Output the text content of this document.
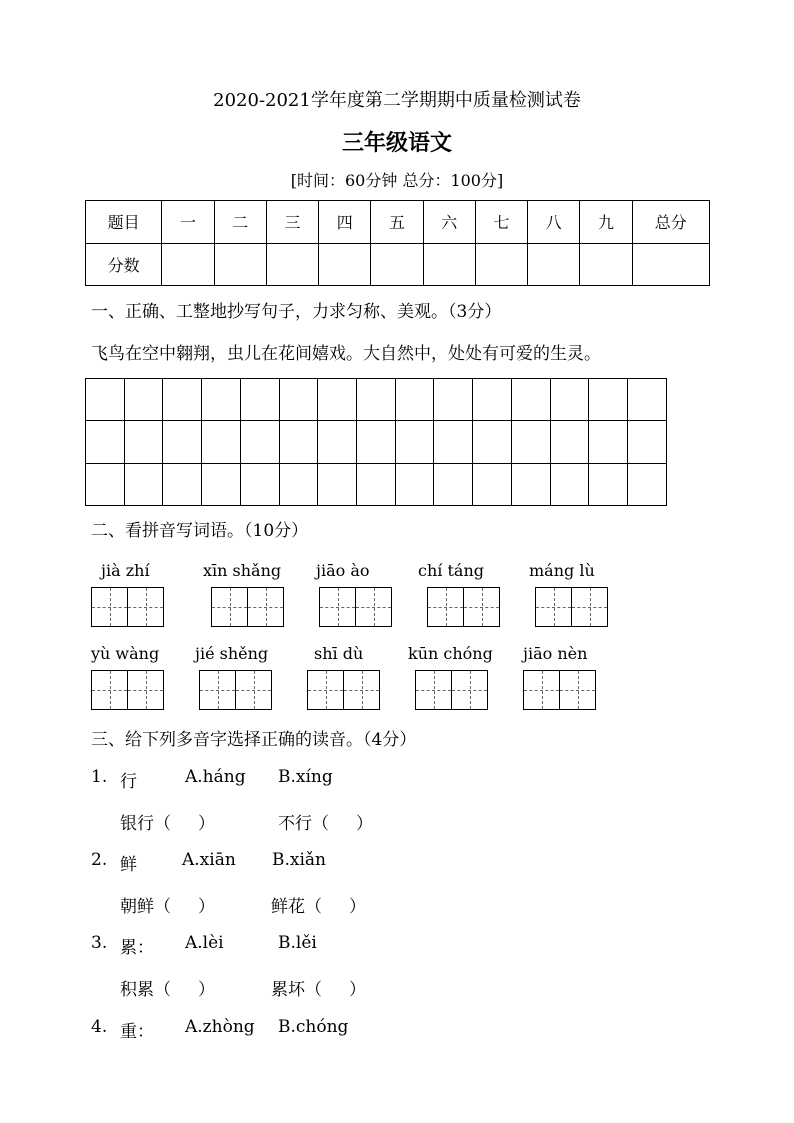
2020-2021学年度第二学期期中质量检测试卷
三年级语文
[时间：60分钟 总分：100分]
题目	一	二	三	四	五	六	七	八	九	总分
分数										
一、正确、工整地抄写句子，力求匀称、美观。（3分）
飞鸟在空中翱翔，虫儿在花间嬉戏。大自然中，处处有可爱的生灵。

二、看拼音写词语。（10分）
jià zhí	xīn shǎng jiāo ào	chí táng	máng lù
yù wàng jié shěng	shī dù	kūn chóng jiāo nèn
三、给下列多音字选择正确的读音。（4分）
1. 行	A.háng B.xíng
银行（     ）	不行（     ）
2. 鲜	A.xiān B.xiǎn
朝鲜（     ）	鲜花（     ）
3. 累： A.lèi	B.lěi
积累（     ）	累坏（     ）
4. 重： A.zhòng B.chóng
